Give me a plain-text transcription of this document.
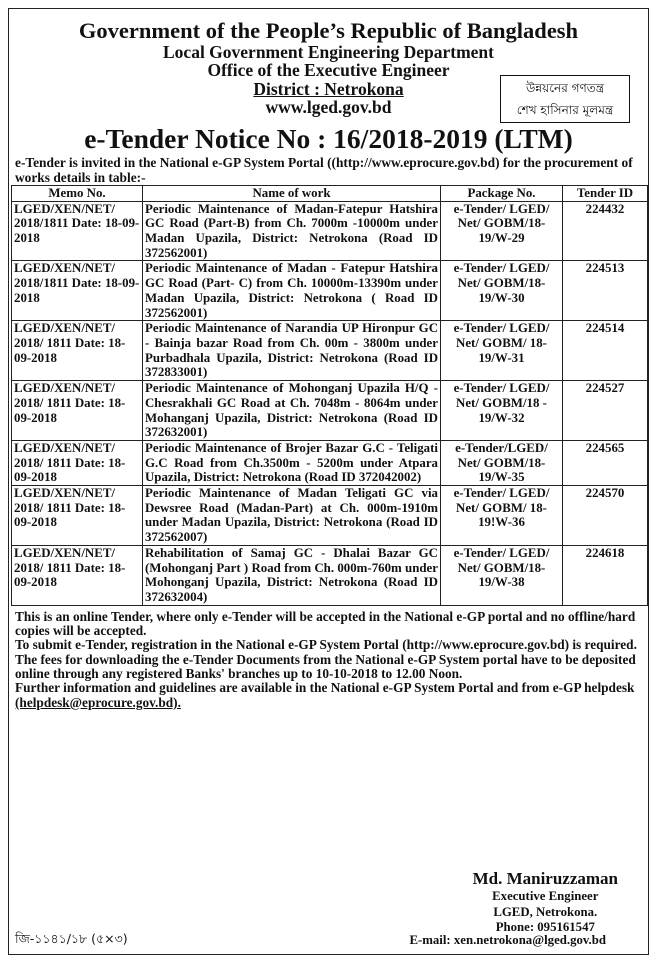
Government of the People’s Republic of Bangladesh
Local Government Engineering Department
Office of the Executive Engineer
District : Netrokona
www.lged.gov.bd
উন্নয়নের গণতন্ত্র
শেখ হাসিনার মূলমন্ত্র
e-Tender Notice No : 16/2018-2019 (LTM)
e-Tender is invited in the National e-GP System Portal ((http://www.eprocure.gov.bd) for the procurement of works details in table:-
Memo No.	Name of work	Package No.	Tender ID
LGED/XEN/NET/ 2018/1811 Date: 18-09-2018	Periodic Maintenance of Madan-Fatepur Hatshira GC Road (Part-B) from Ch. 7000m -10000m under Madan Upazila, District: Netrokona (Road ID 372562001)	e-Tender/ LGED/ Net/ GOBM/18- 19/W-29	224432
LGED/XEN/NET/ 2018/1811 Date: 18-09-2018	Periodic Maintenance of Madan - Fatepur Hatshira GC Road (Part- C) from Ch. 10000m-13390m under Madan Upazila, District: Netrokona ( Road ID 372562001)	e-Tender/ LGED/ Net/ GOBM/18- 19/W-30	224513
LGED/XEN/NET/ 2018/ 1811 Date: 18-09-2018	Periodic Maintenance of Narandia UP Hironpur GC - Bainja bazar Road from Ch. 00m - 3800m under Purbadhala Upazila, District: Netrokona (Road ID 372833001)	e-Tender/ LGED/ Net/ GOBM/ 18- 19/W-31	224514
LGED/XEN/NET/ 2018/ 1811 Date: 18-09-2018	Periodic Maintenance of Mohonganj Upazila H/Q -Chesrakhali GC Road at Ch. 7048m - 8064m under Mohanganj Upazila, District: Netrokona (Road ID 372632001)	e-Tender/ LGED/ Net/ GOBM/18 - 19/W-32	224527
LGED/XEN/NET/ 2018/ 1811 Date: 18-09-2018	Periodic Maintenance of Brojer Bazar G.C - Teligati G.C Road from Ch.3500m - 5200m under Atpara Upazila, District: Netrokona (Road ID 372042002)	e-Tender/LGED/ Net/ GOBM/18- 19/W-35	224565
LGED/XEN/NET/ 2018/ 1811 Date: 18-09-2018	Periodic Maintenance of Madan Teligati GC via Dewsree Road (Madan-Part) at Ch. 000m-1910m under Madan Upazila, District: Netrokona (Road ID 372562007)	e-Tender/ LGED/ Net/ GOBM/ 18- 19!W-36	224570
LGED/XEN/NET/ 2018/ 1811 Date: 18-09-2018	Rehabilitation of Samaj GC - Dhalai Bazar GC (Mohonganj Part ) Road from Ch. 000m-760m under Mohonganj Upazila, District: Netrokona (Road ID 372632004)	e-Tender/ LGED/ Net/ GOBM/18- 19/W-38	224618

This is an online Tender, where only e-Tender will be accepted in the National e-GP portal and no offline/hard copies will be accepted.

To submit e-Tender, registration in the National e-GP System Portal (http://www.eprocure.gov.bd) is required.

The fees for downloading the e-Tender Documents from the National e-GP System portal have to be deposited online through any registered Banks' branches up to 10-10-2018 to 12.00 Noon.

Further information and guidelines are available in the National e-GP System Portal and from e-GP helpdesk (helpdesk@eprocure.gov.bd).

Md. Maniruzzaman
Executive Engineer
LGED, Netrokona.
Phone: 095161547
জি-১১৪১/১৮ (৫×৩)	E-mail: xen.netrokona@lged.gov.bd
